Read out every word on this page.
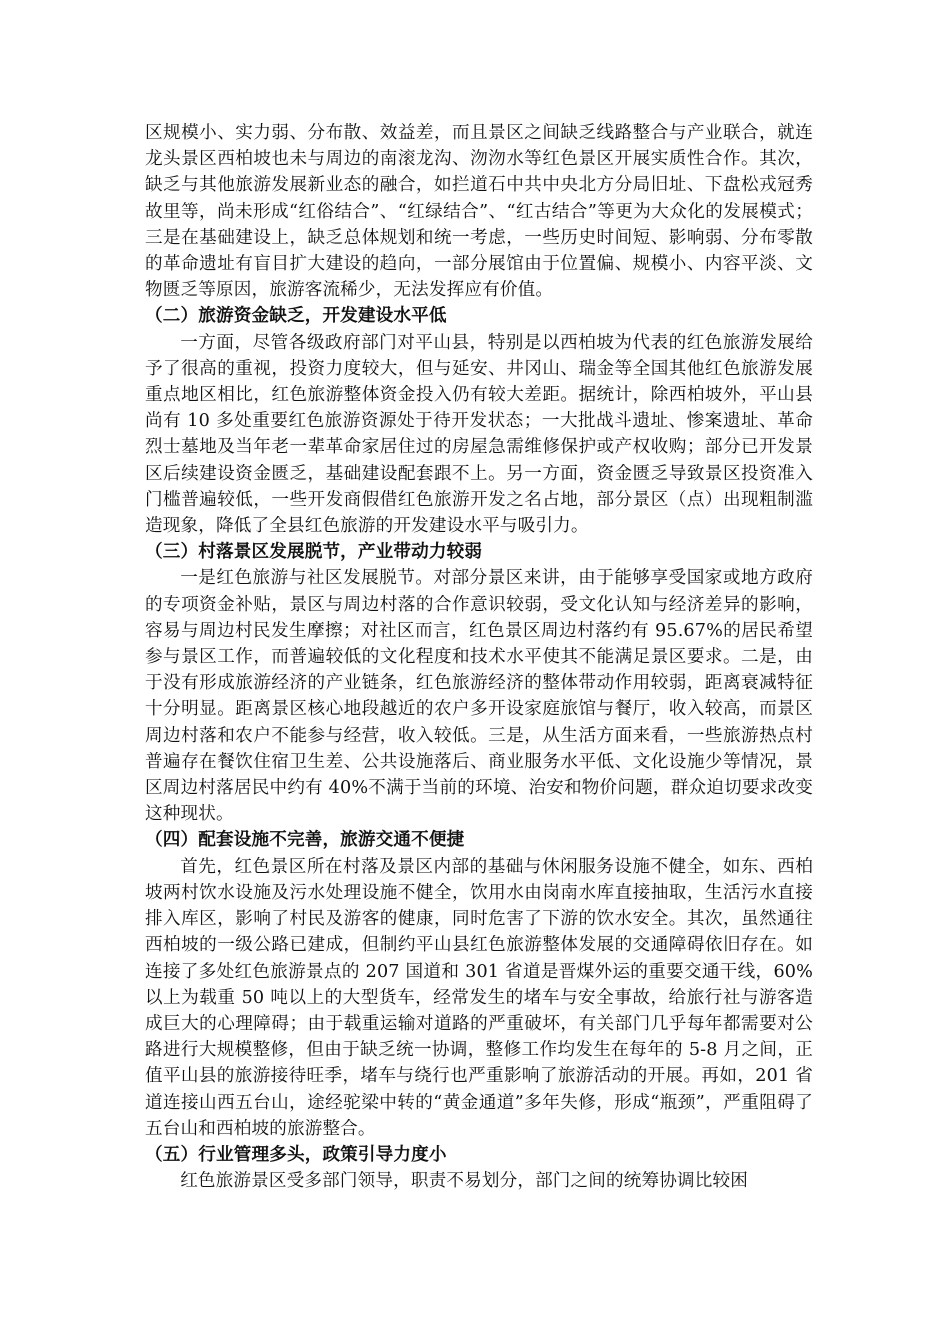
区规模小、实力弱、分布散、效益差，而且景区之间缺乏线路整合与产业联合，就连龙头景区西柏坡也未与周边的南滚龙沟、沕沕水等红色景区开展实质性合作。其次，缺乏与其他旅游发展新业态的融合，如拦道石中共中央北方分局旧址、下盘松戎冠秀故里等，尚未形成“红俗结合”、“红绿结合”、“红古结合”等更为大众化的发展模式；三是在基础建设上，缺乏总体规划和统一考虑，一些历史时间短、影响弱、分布零散的革命遗址有盲目扩大建设的趋向，一部分展馆由于位置偏、规模小、内容平淡、文物匮乏等原因，旅游客流稀少，无法发挥应有价值。

（二）旅游资金缺乏，开发建设水平低

一方面，尽管各级政府部门对平山县，特别是以西柏坡为代表的红色旅游发展给予了很高的重视，投资力度较大，但与延安、井冈山、瑞金等全国其他红色旅游发展重点地区相比，红色旅游整体资金投入仍有较大差距。据统计，除西柏坡外，平山县尚有 10 多处重要红色旅游资源处于待开发状态；一大批战斗遗址、惨案遗址、革命烈士墓地及当年老一辈革命家居住过的房屋急需维修保护或产权收购；部分已开发景区后续建设资金匮乏，基础建设配套跟不上。另一方面，资金匮乏导致景区投资准入门槛普遍较低，一些开发商假借红色旅游开发之名占地，部分景区（点）出现粗制滥造现象，降低了全县红色旅游的开发建设水平与吸引力。

（三）村落景区发展脱节，产业带动力较弱

一是红色旅游与社区发展脱节。对部分景区来讲，由于能够享受国家或地方政府的专项资金补贴，景区与周边村落的合作意识较弱，受文化认知与经济差异的影响，容易与周边村民发生摩擦；对社区而言，红色景区周边村落约有 95.67%的居民希望参与景区工作，而普遍较低的文化程度和技术水平使其不能满足景区要求。二是，由于没有形成旅游经济的产业链条，红色旅游经济的整体带动作用较弱，距离衰减特征十分明显。距离景区核心地段越近的农户多开设家庭旅馆与餐厅，收入较高，而景区周边村落和农户不能参与经营，收入较低。三是，从生活方面来看，一些旅游热点村普遍存在餐饮住宿卫生差、公共设施落后、商业服务水平低、文化设施少等情况，景区周边村落居民中约有 40%不满于当前的环境、治安和物价问题，群众迫切要求改变这种现状。

（四）配套设施不完善，旅游交通不便捷

首先，红色景区所在村落及景区内部的基础与休闲服务设施不健全，如东、西柏坡两村饮水设施及污水处理设施不健全，饮用水由岗南水库直接抽取，生活污水直接排入库区，影响了村民及游客的健康，同时危害了下游的饮水安全。其次，虽然通往西柏坡的一级公路已建成，但制约平山县红色旅游整体发展的交通障碍依旧存在。如连接了多处红色旅游景点的 207 国道和 301 省道是晋煤外运的重要交通干线，60%以上为载重 50 吨以上的大型货车，经常发生的堵车与安全事故，给旅行社与游客造成巨大的心理障碍；由于载重运输对道路的严重破坏，有关部门几乎每年都需要对公路进行大规模整修，但由于缺乏统一协调，整修工作均发生在每年的 5-8 月之间，正值平山县的旅游接待旺季，堵车与绕行也严重影响了旅游活动的开展。再如，201 省道连接山西五台山，途经驼梁中转的“黄金通道”多年失修，形成“瓶颈”，严重阻碍了五台山和西柏坡的旅游整合。

（五）行业管理多头，政策引导力度小

红色旅游景区受多部门领导，职责不易划分，部门之间的统筹协调比较困
